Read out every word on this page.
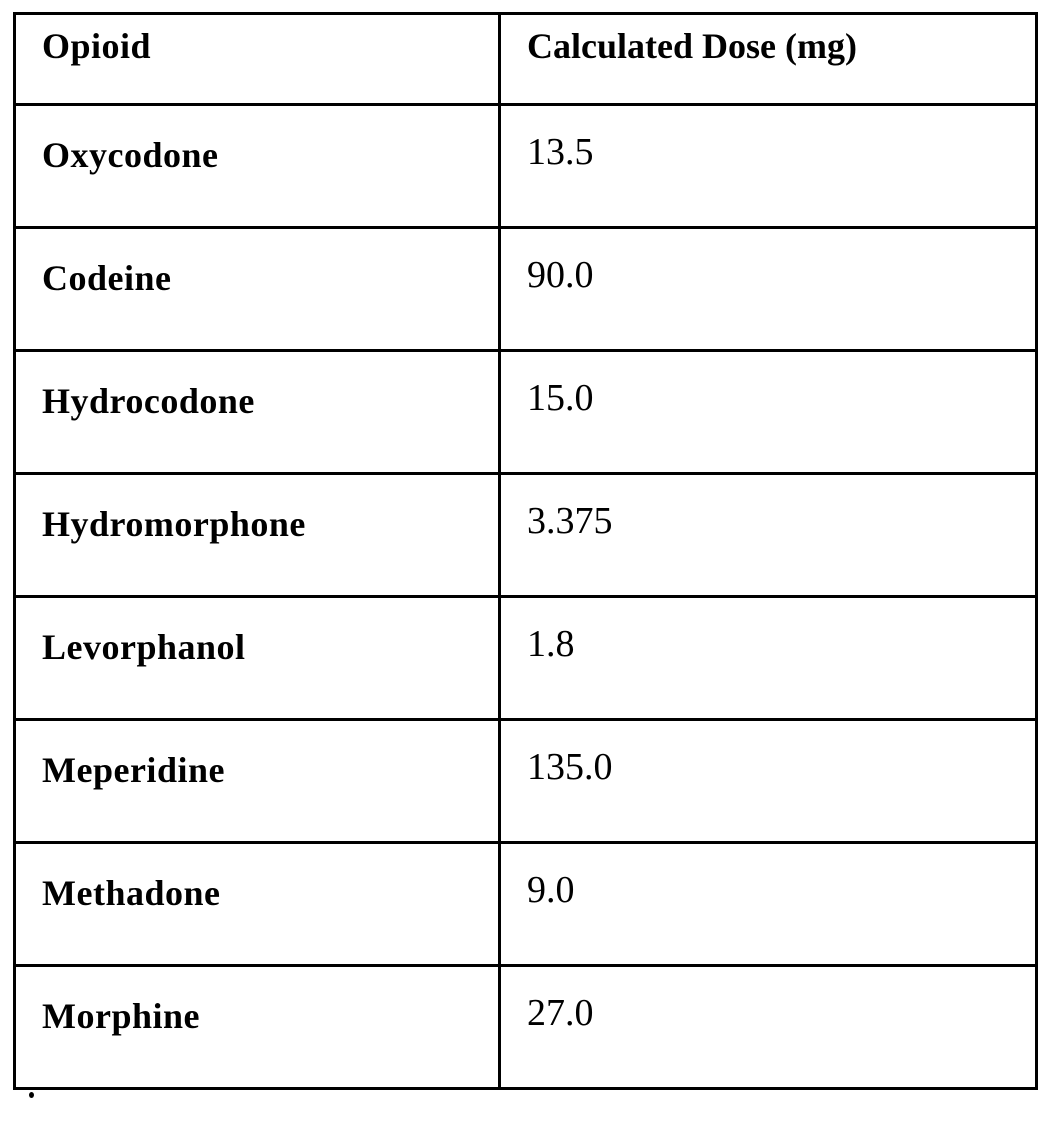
Opioid	Calculated Dose (mg)

Oxycodone	13.5

Codeine	90.0

Hydrocodone	15.0

Hydromorphone	3.375

Levorphanol	1.8

Meperidine	135.0

Methadone	9.0

Morphine	27.0
